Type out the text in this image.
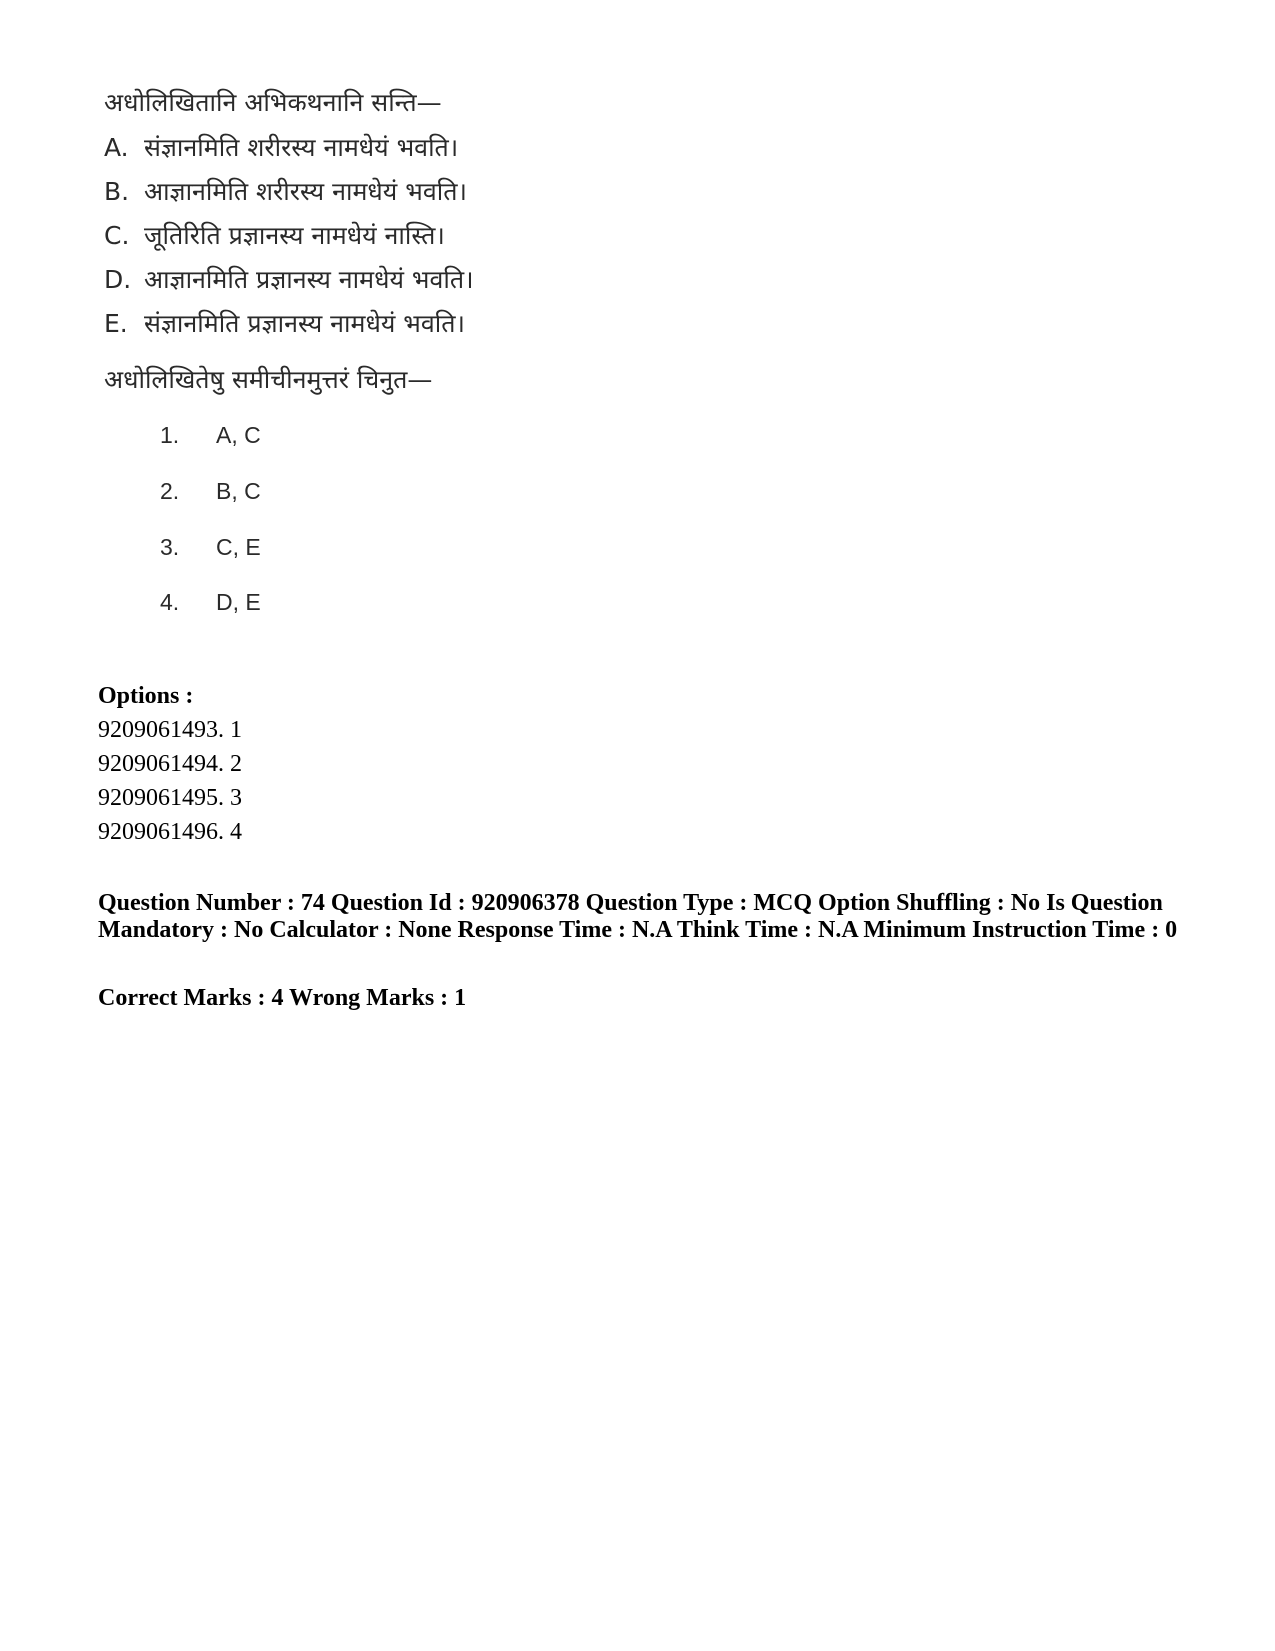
अधोलिखितानि अभिकथनानि सन्ति—
A. संज्ञानमिति शरीरस्य नामधेयं भवति।
B. आज्ञानमिति शरीरस्य नामधेयं भवति।
C. जूतिरिति प्रज्ञानस्य नामधेयं नास्ति।
D. आज्ञानमिति प्रज्ञानस्य नामधेयं भवति।
E. संज्ञानमिति प्रज्ञानस्य नामधेयं भवति।
अधोलिखितेषु समीचीनमुत्तरं चिनुत—
1. A, C
2. B, C
3. C, E
4. D, E
Options :
9209061493. 1
9209061494. 2
9209061495. 3
9209061496. 4
Question Number : 74 Question Id : 920906378 Question Type : MCQ Option Shuffling : No Is Question Mandatory : No Calculator : None Response Time : N.A Think Time : N.A Minimum Instruction Time : 0
Correct Marks : 4 Wrong Marks : 1
